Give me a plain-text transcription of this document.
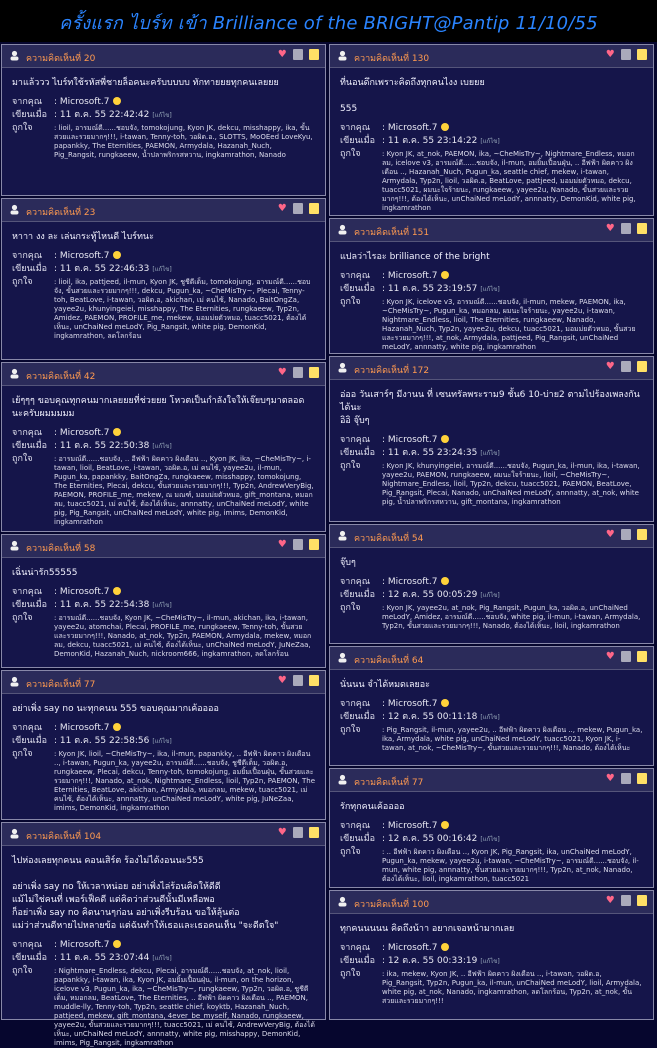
ครั้งแรก ไบร์ท เข้า Brilliance of the BRIGHT@Pantip 11/10/55
ความคิดเห็นที่ 20	♥
มาแล้ววว ไบร์ทใช้รหัสพี่ชายล็อคนะครับบบบบ ทักทายยยทุกคนเลยยย
จากคุณ	: Microsoft.7
เขียนเมื่อ : 11 ต.ค. 55 22:42:42 [แก้ไข]
ถูกใจ	: lioil, อารมณ์ดี......ชอบจัง, tomokojung, Kyon JK, dekcu, misshappy, ika, ขั้นสวยและรวยมากๆ!!!, i-tawan, Tenny-toh, วอผิด.อ., SLOTTS, MoOEed LoveKyu, papankky, The Eternities, PAEMON, Armydala, Hazanah_Nuch, Pig_Rangsit, rungkaeew, น้ำปลาพริกรสหวาน, ingkamrathon, Nanado
ความคิดเห็นที่ 23	♥
หาาา งง ละ เล่นกระทู้ไหนดี ไบร์ทนะ
จากคุณ	: Microsoft.7
เขียนเมื่อ : 11 ต.ค. 55 22:46:33 [แก้ไข]
ถูกใจ	: lioil, ika, pattjeed, il-mun, Kyon JK, ชูชีดีเด็ม, tomokojung, อารมณ์ดี......ชอบจัง, ขั้นสวยและรวยมากๆ!!!, dekcu, Pugun_ka, ~CheMisTry~, Plecai, Tenny-toh, BeatLove, i-tawan, วอผิด.อ, akichan, เม่ คนไซ้, Nanado, BaitOngZa, yayee2u, khunyingeiei, misshappy, The Eternities, rungkaeew, Typ2n, Amidez, PAEMON, PROFILE_me, mekew, มอมม่ยตัวหมอ, tuacc5021, ต้องได้เห็นะ, unChaiNed meLodY, Pig_Rangsit, white pig, DemonKid, ingkamrathon, ลดโลกร้อน
ความคิดเห็นที่ 42	♥
เย้ๆๆๆ ขอบคุณทุกคนมากเลยยยที่ช่วยยย โหวตเป็นกำลังใจให้เจ๊ยบๆมาตลอดนะครับผมมมมม
จากคุณ	: Microsoft.7
เขียนเมื่อ : 11 ต.ค. 55 22:50:38 [แก้ไข]
ถูกใจ	: อารมณ์ดี......ชอบจัง, .. อีฟฟ้า ผิดคาว ผิงเดือน .., Kyon JK, ika, ~CheMisTry~, i-tawan, lioil, BeatLove, i-tawan, วอผิด.อ, เม่ คนไซ้, yayee2u, il-mun, Pugun_ka, papankky, BaitOngZa, rungkaeew, misshappy, tomokojung, The Eternities, Plecai, dekcu, ขั้นสวยและรวยมากๆ!!!, Typ2n, AndrewVeryBig, PAEMON, PROFILE_me, mekew, ณ มณฑ์, มอมม่ยตัวหมอ, gift_montana, หมอกลม, tuacc5021, เม่ คนไซ้, ต้องได้เห็นะ, annnatty, unChaiNed meLodY, white pig, Pig_Rangsit, unChaiNed meLodY, white pig, imims, DemonKid, ingkamrathon
ความคิดเห็นที่ 58	♥
เฉิ่นน่ารัก55555
จากคุณ	: Microsoft.7
เขียนเมื่อ : 11 ต.ค. 55 22:54:38 [แก้ไข]
ถูกใจ	: อารมณ์ดี......ชอบจัง, Kyon JK, ~CheMisTry~, il-mun, akichan, ika, i-tawan, yayee2u, atomchai, Plecai, PROFILE_me, rungkaeew, Tenny-toh, ขั้นสวยและรวยมากๆ!!!, Nanado, at_nok, Typ2n, PAEMON, Armydala, mekew, หมอกลม, dekcu, tuacc5021, เม่ คนไซ้, ต้องได้เห็นะ, unChaiNed meLodY, JuNeZaa, DemonKid, Hazanah_Nuch, nickroom666, ingkamrathon, ลดโลกร้อน
ความคิดเห็นที่ 77	♥
อย่าเพิ่ง say no นะทุกคนน 555 ขอบคุณมากเค้ออออ
จากคุณ	: Microsoft.7
เขียนเมื่อ : 11 ต.ค. 55 22:58:56 [แก้ไข]
ถูกใจ	: Kyon JK, lioil, ~CheMisTry~, ika, il-mun, papankky, .. อีฟฟ้า ผิดคาว ผิงเดือน .., i-tawan, Pugun_ka, yayee2u, อารมณ์ดี......ชอบจัง, ชูชีดีเด็ม, วอผิด.อ, rungkaeew, Plecai, dekcu, Tenny-toh, tomokojung, อมยิ้มเปื้อนฝุ่น, ขั้นสวยและรวยมากๆ!!!, Nanado, at_nok, Nightmare_Endless, lioil, Typ2n, PAEMON, The Eternities, BeatLove, akichan, Armydala, หมอกลม, mekew, tuacc5021, เม่ คนไซ้, ต้องได้เห็นะ, annnatty, unChaiNed meLodY, white pig, JuNeZaa, imims, DemonKid, ingkamrathon
ความคิดเห็นที่ 104	♥
ไปห่องเลยทุกคนน คอนเสิร์ต ร้องไม่ได้งอนนะ555

อย่าเพิ่ง say no ให้เวลาหน่อย อย่าเพิ่งไล่ร้อนคิดให้ดีดี
แม้ไม่ใช่คนที่ เพอร์เฟ็คดี แต่คิดว่าส่วนดีนั้นมีเหลือพอ
ก็อย่าเพิ่ง say no คิดนานๆก่อน อย่าเพิ่งรีบร้อน ขอให้ลุ้นต่อ
แม่ว่าส่วนดีหายไปหลายข้อ แต่ฉันทำให้เธอและเธอคนเห็น "จะดีตใจ"
จากคุณ	: Microsoft.7
เขียนเมื่อ : 11 ต.ค. 55 23:07:44 [แก้ไข]
ถูกใจ	: Nightmare_Endless, dekcu, Plecai, อารมณ์ดี......ชอบจัง, at_nok, lioil, papankky, i-tawan, ika, Kyon JK, อมยิ้มเปื้อนฝุ่น, il-mun, on the horizon, icelove v3, Pugun_ka, ika, ~CheMisTry~, rungkaeew, Typ2n, วอผิด.อ, ชูชีดีเด็ม, หมอกลม, BeatLove, The Eternities, .. อีฟฟ้า ผิดคาว ผิงเดือน .., PAEMON, muddle-lly, Tenny-toh, Typ2n, seattle chief, koyktb, Hazanah_Nuch, pattjeed, mekew, gift_montana, 4ever_be_myself, Nanado, rungkaeew, yayee2u, ขั้นสวยและรวยมากๆ!!!, tuacc5021, เม่ คนไซ้, AndrewVeryBig, ต้องได้เห็นะ, unChaiNed meLodY, annnatty, white pig, misshappy, DemonKid, imims, Pig_Rangsit, ingkamrathon
ความคิดเห็นที่ 130	♥
ที่นอนดึกเพราะคิดถึงทุกคนไงง เบยยย

555
จากคุณ	: Microsoft.7
เขียนเมื่อ : 11 ต.ค. 55 23:14:22 [แก้ไข]
ถูกใจ	: Kyon JK, at_nok, PAEMON, ika, ~CheMisTry~, Nightmare_Endless, หมอกลม, icelove v3, อารมณ์ดี......ชอบจัง, il-mun, อมยิ้มเปื้อนฝุ่น, .. อีฟฟ้า ผิดคาว ผิงเดือน .., Hazanah_Nuch, Pugun_ka, seattle chief, mekew, i-tawan, Armydala, Typ2n, lioil, วอผิด.อ, BeatLove, pattjeed, มอมม่ยตัวหมอ, dekcu, tuacc5021, ผมนะใจร้ายนะ, rungkaeew, yayee2u, Nanado, ขั้นสวยและรวยมากๆ!!!, ต้องได้เห็นะ, unChaiNed meLodY, annnatty, DemonKid, white pig, ingkamrathon
ความคิดเห็นที่ 151	♥
แปลว่าไรอะ brilliance of the bright
จากคุณ	: Microsoft.7
เขียนเมื่อ : 11 ต.ค. 55 23:19:57 [แก้ไข]
ถูกใจ	: Kyon JK, icelove v3, อารมณ์ดี......ชอบจัง, il-mun, mekew, PAEMON, ika, ~CheMisTry~, Pugun_ka, หมอกลม, ผมนะใจร้ายนะ, yayee2u, i-tawan, Nightmare_Endless, lioil, The Eternities, rungkaeew, Nanado, Hazanah_Nuch, Typ2n, yayee2u, dekcu, tuacc5021, มอมม่ยตัวหมอ, ขั้นสวยและรวยมากๆ!!!, at_nok, Armydala, pattjeed, Pig_Rangsit, unChaiNed meLodY, annnatty, white pig, ingkamrathon
ความคิดเห็นที่ 172	♥
อ่ออ วันเสาร์ๆ มีงานน ที่ เซนทรัลพระราม9 ชั้น6 10-บ่าย2 ตามไปร้องเพลงกันได้นะ
อิอิ จุ๊บๆ
จากคุณ	: Microsoft.7
เขียนเมื่อ : 11 ต.ค. 55 23:24:35 [แก้ไข]
ถูกใจ	: Kyon JK, khunyingeiei, อารมณ์ดี......ชอบจัง, Pugun_ka, il-mun, ika, i-tawan, yayee2u, PAEMON, rungkaeew, ผมนะใจร้ายนะ, lioil, ~CheMisTry~, Nightmare_Endless, lioil, Typ2n, dekcu, tuacc5021, PAEMON, BeatLove, Pig_Rangsit, Plecai, Nanado, unChaiNed meLodY, annnatty, at_nok, white pig, น้ำปลาพริกรสหวาน, gift_montana, ingkamrathon
ความคิดเห็นที่ 54	♥
จุ๊บๆ
จากคุณ	: Microsoft.7
เขียนเมื่อ : 12 ต.ค. 55 00:05:29 [แก้ไข]
ถูกใจ	: Kyon JK, yayee2u, at_nok, Pig_Rangsit, Pugun_ka, วอผิด.อ, unChaiNed meLodY, Amidez, อารมณ์ดี......ชอบจัง, white pig, il-mun, i-tawan, Armydala, Typ2n, ขั้นสวยและรวยมากๆ!!!, Nanado, ต้องได้เห็นะ, lioil, ingkamrathon
ความคิดเห็นที่ 64	♥
นั่นนน จำได้หมดเลยอะ
จากคุณ	: Microsoft.7
เขียนเมื่อ : 12 ต.ค. 55 00:11:18 [แก้ไข]
ถูกใจ	: Pig_Rangsit, il-mun, yayee2u, .. อีฟฟ้า ผิดคาว ผิงเดือน .., mekew, Pugun_ka, ika, Armydala, white pig, unChaiNed meLodY, tuacc5021, Kyon JK, i-tawan, at_nok, ~CheMisTry~, ขั้นสวยและรวยมากๆ!!!, Nanado, ต้องได้เห็นะ
ความคิดเห็นที่ 77	♥
รักทุกคนเค้ออออ
จากคุณ	: Microsoft.7
เขียนเมื่อ : 12 ต.ค. 55 00:16:42 [แก้ไข]
ถูกใจ	: .. อีฟฟ้า ผิดคาว ผิงเดือน .., Kyon JK, Pig_Rangsit, ika, unChaiNed meLodY, Pugun_ka, mekew, yayee2u, i-tawan, ~CheMisTry~, อารมณ์ดี......ชอบจัง, il-mun, white pig, annnatty, ขั้นสวยและรวยมากๆ!!!, Typ2n, at_nok, Nanado, ต้องได้เห็นะ, lioil, ingkamrathon, tuacc5021
ความคิดเห็นที่ 100	♥
ทุกคนนนนน คิดถึงน้าา อยากเจอหน้ามากเลย
จากคุณ	: Microsoft.7
เขียนเมื่อ : 12 ต.ค. 55 00:33:19 [แก้ไข]
ถูกใจ	: ika, mekew, Kyon JK, .. อีฟฟ้า ผิดคาว ผิงเดือน .., i-tawan, วอผิด.อ, Pig_Rangsit, Typ2n, Pugun_ka, il-mun, unChaiNed meLodY, lioil, Armydala, white pig, at_nok, Nanado, ingkamrathon, ลดโลกร้อน, Typ2n, at_nok, ขั้นสวยและรวยมากๆ!!!
